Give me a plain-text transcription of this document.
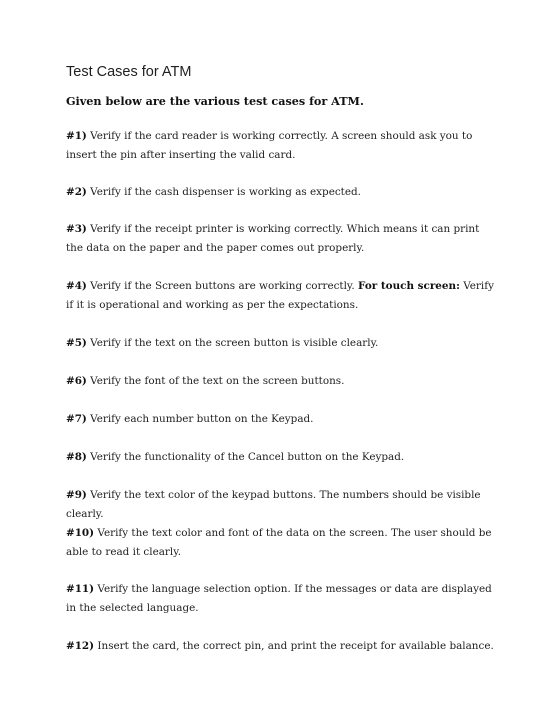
Test Cases for ATM

Given below are the various test cases for ATM.

#1) Verify if the card reader is working correctly. A screen should ask you to insert the pin after inserting the valid card.

#2) Verify if the cash dispenser is working as expected.

#3) Verify if the receipt printer is working correctly. Which means it can print the data on the paper and the paper comes out properly.

#4) Verify if the Screen buttons are working correctly. For touch screen: Verify if it is operational and working as per the expectations.

#5) Verify if the text on the screen button is visible clearly.

#6) Verify the font of the text on the screen buttons.

#7) Verify each number button on the Keypad.

#8) Verify the functionality of the Cancel button on the Keypad.

#9) Verify the text color of the keypad buttons. The numbers should be visible clearly.

#10) Verify the text color and font of the data on the screen. The user should be able to read it clearly.

#11) Verify the language selection option. If the messages or data are displayed in the selected language.

#12) Insert the card, the correct pin, and print the receipt for available balance.
